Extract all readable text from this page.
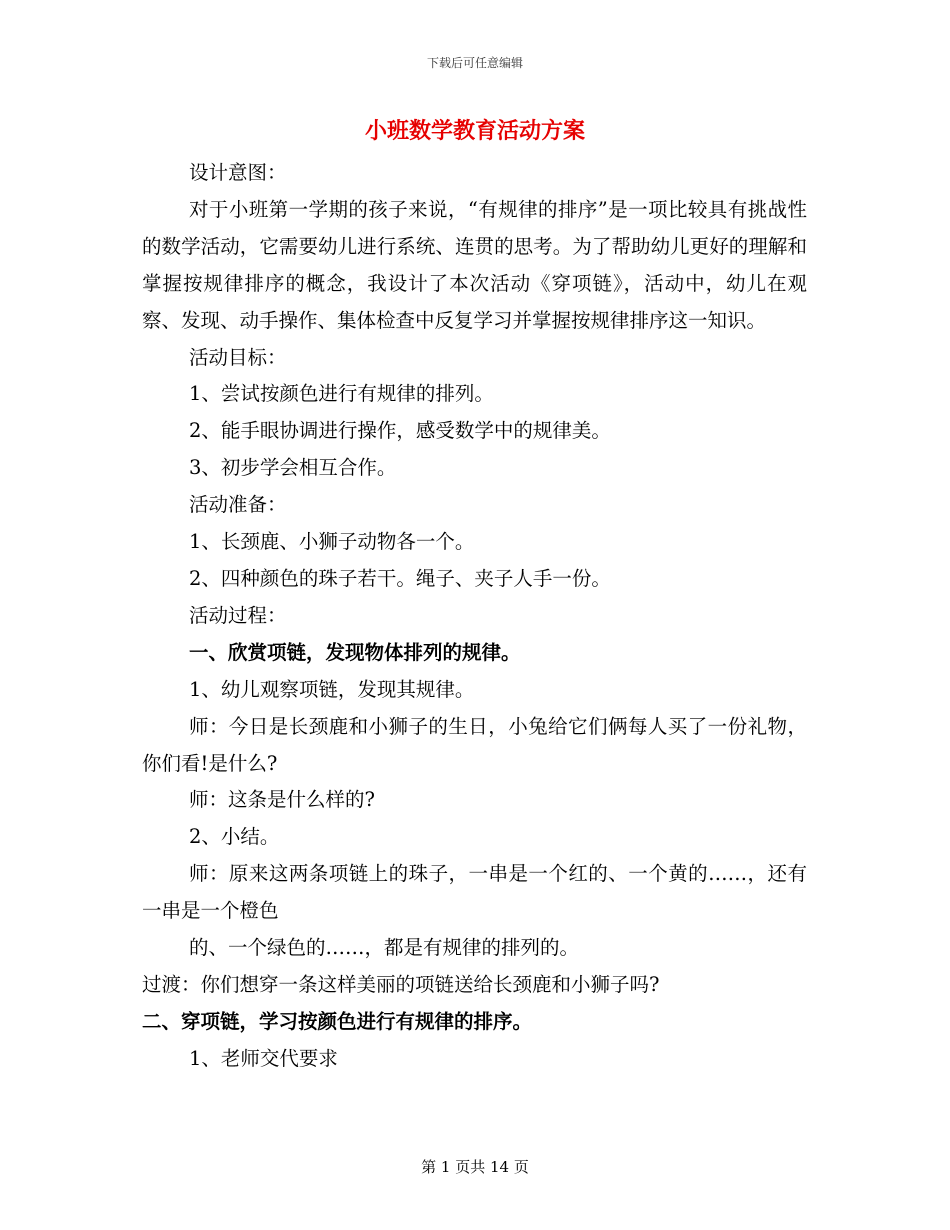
下载后可任意编辑
小班数学教育活动方案

设计意图：

对于小班第一学期的孩子来说，“有规律的排序”是一项比较具有挑战性的数学活动，它需要幼儿进行系统、连贯的思考。为了帮助幼儿更好的理解和掌握按规律排序的概念，我设计了本次活动《穿项链》，活动中，幼儿在观察、发现、动手操作、集体检查中反复学习并掌握按规律排序这一知识。

活动目标：

1、尝试按颜色进行有规律的排列。

2、能手眼协调进行操作，感受数学中的规律美。

3、初步学会相互合作。

活动准备：

1、长颈鹿、小狮子动物各一个。

2、四种颜色的珠子若干。绳子、夹子人手一份。

活动过程：

一、欣赏项链，发现物体排列的规律。

1、幼儿观察项链，发现其规律。

师：今日是长颈鹿和小狮子的生日，小兔给它们俩每人买了一份礼物，你们看!是什么?

师：这条是什么样的?

2、小结。

师：原来这两条项链上的珠子，一串是一个红的、一个黄的……，还有一串是一个橙色

的、一个绿色的……，都是有规律的排列的。

过渡：你们想穿一条这样美丽的项链送给长颈鹿和小狮子吗?

二、穿项链，学习按颜色进行有规律的排序。

1、老师交代要求

第 1 页共 14 页
